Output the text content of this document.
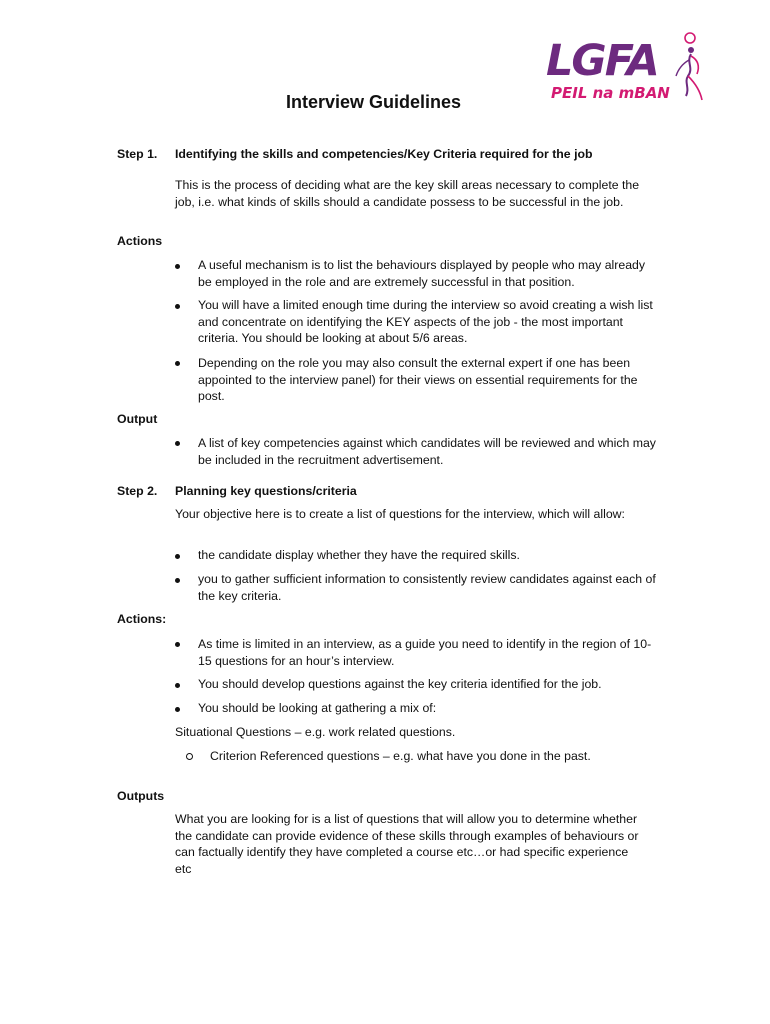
LGFA
PEIL na mBAN
Interview Guidelines
Step 1. Identifying the skills and competencies/Key Criteria required for the job
This is the process of deciding what are the key skill areas necessary to complete the job, i.e. what kinds of skills should a candidate possess to be successful in the job.
Actions
A useful mechanism is to list the behaviours displayed by people who may already be employed in the role and are extremely successful in that position.
You will have a limited enough time during the interview so avoid creating a wish list and concentrate on identifying the KEY aspects of the job - the most important criteria. You should be looking at about 5/6 areas.
Depending on the role you may also consult the external expert if one has been appointed to the interview panel) for their views on essential requirements for the post.
Output
A list of key competencies against which candidates will be reviewed and which may be included in the recruitment advertisement.
Step 2. Planning key questions/criteria
Your objective here is to create a list of questions for the interview, which will allow:
the candidate display whether they have the required skills.
you to gather sufficient information to consistently review candidates against each of the key criteria.
Actions:
As time is limited in an interview, as a guide you need to identify in the region of 10-15 questions for an hour’s interview.
You should develop questions against the key criteria identified for the job.
You should be looking at gathering a mix of:
Situational Questions – e.g. work related questions.
Criterion Referenced questions – e.g. what have you done in the past.
Outputs
What you are looking for is a list of questions that will allow you to determine whether the candidate can provide evidence of these skills through examples of behaviours or can factually identify they have completed a course etc…or had specific experience etc
